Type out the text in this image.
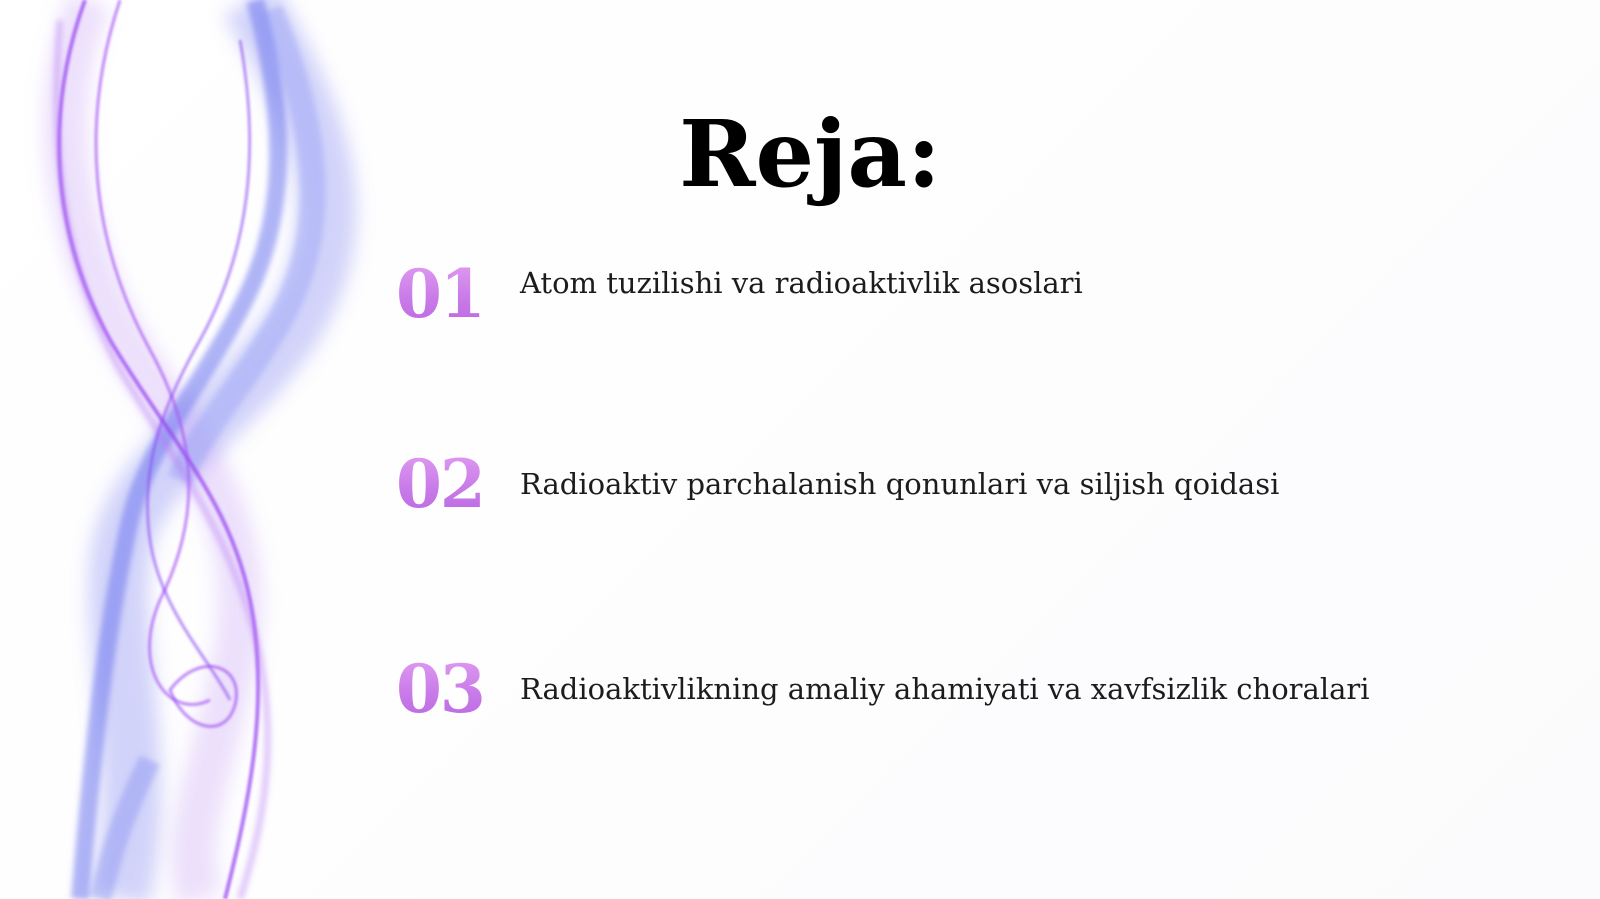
Reja:
01	Atom tuzilishi va radioaktivlik asoslari
02	Radioaktiv parchalanish qonunlari va siljish qoidasi
03	Radioaktivlikning amaliy ahamiyati va xavfsizlik choralari
